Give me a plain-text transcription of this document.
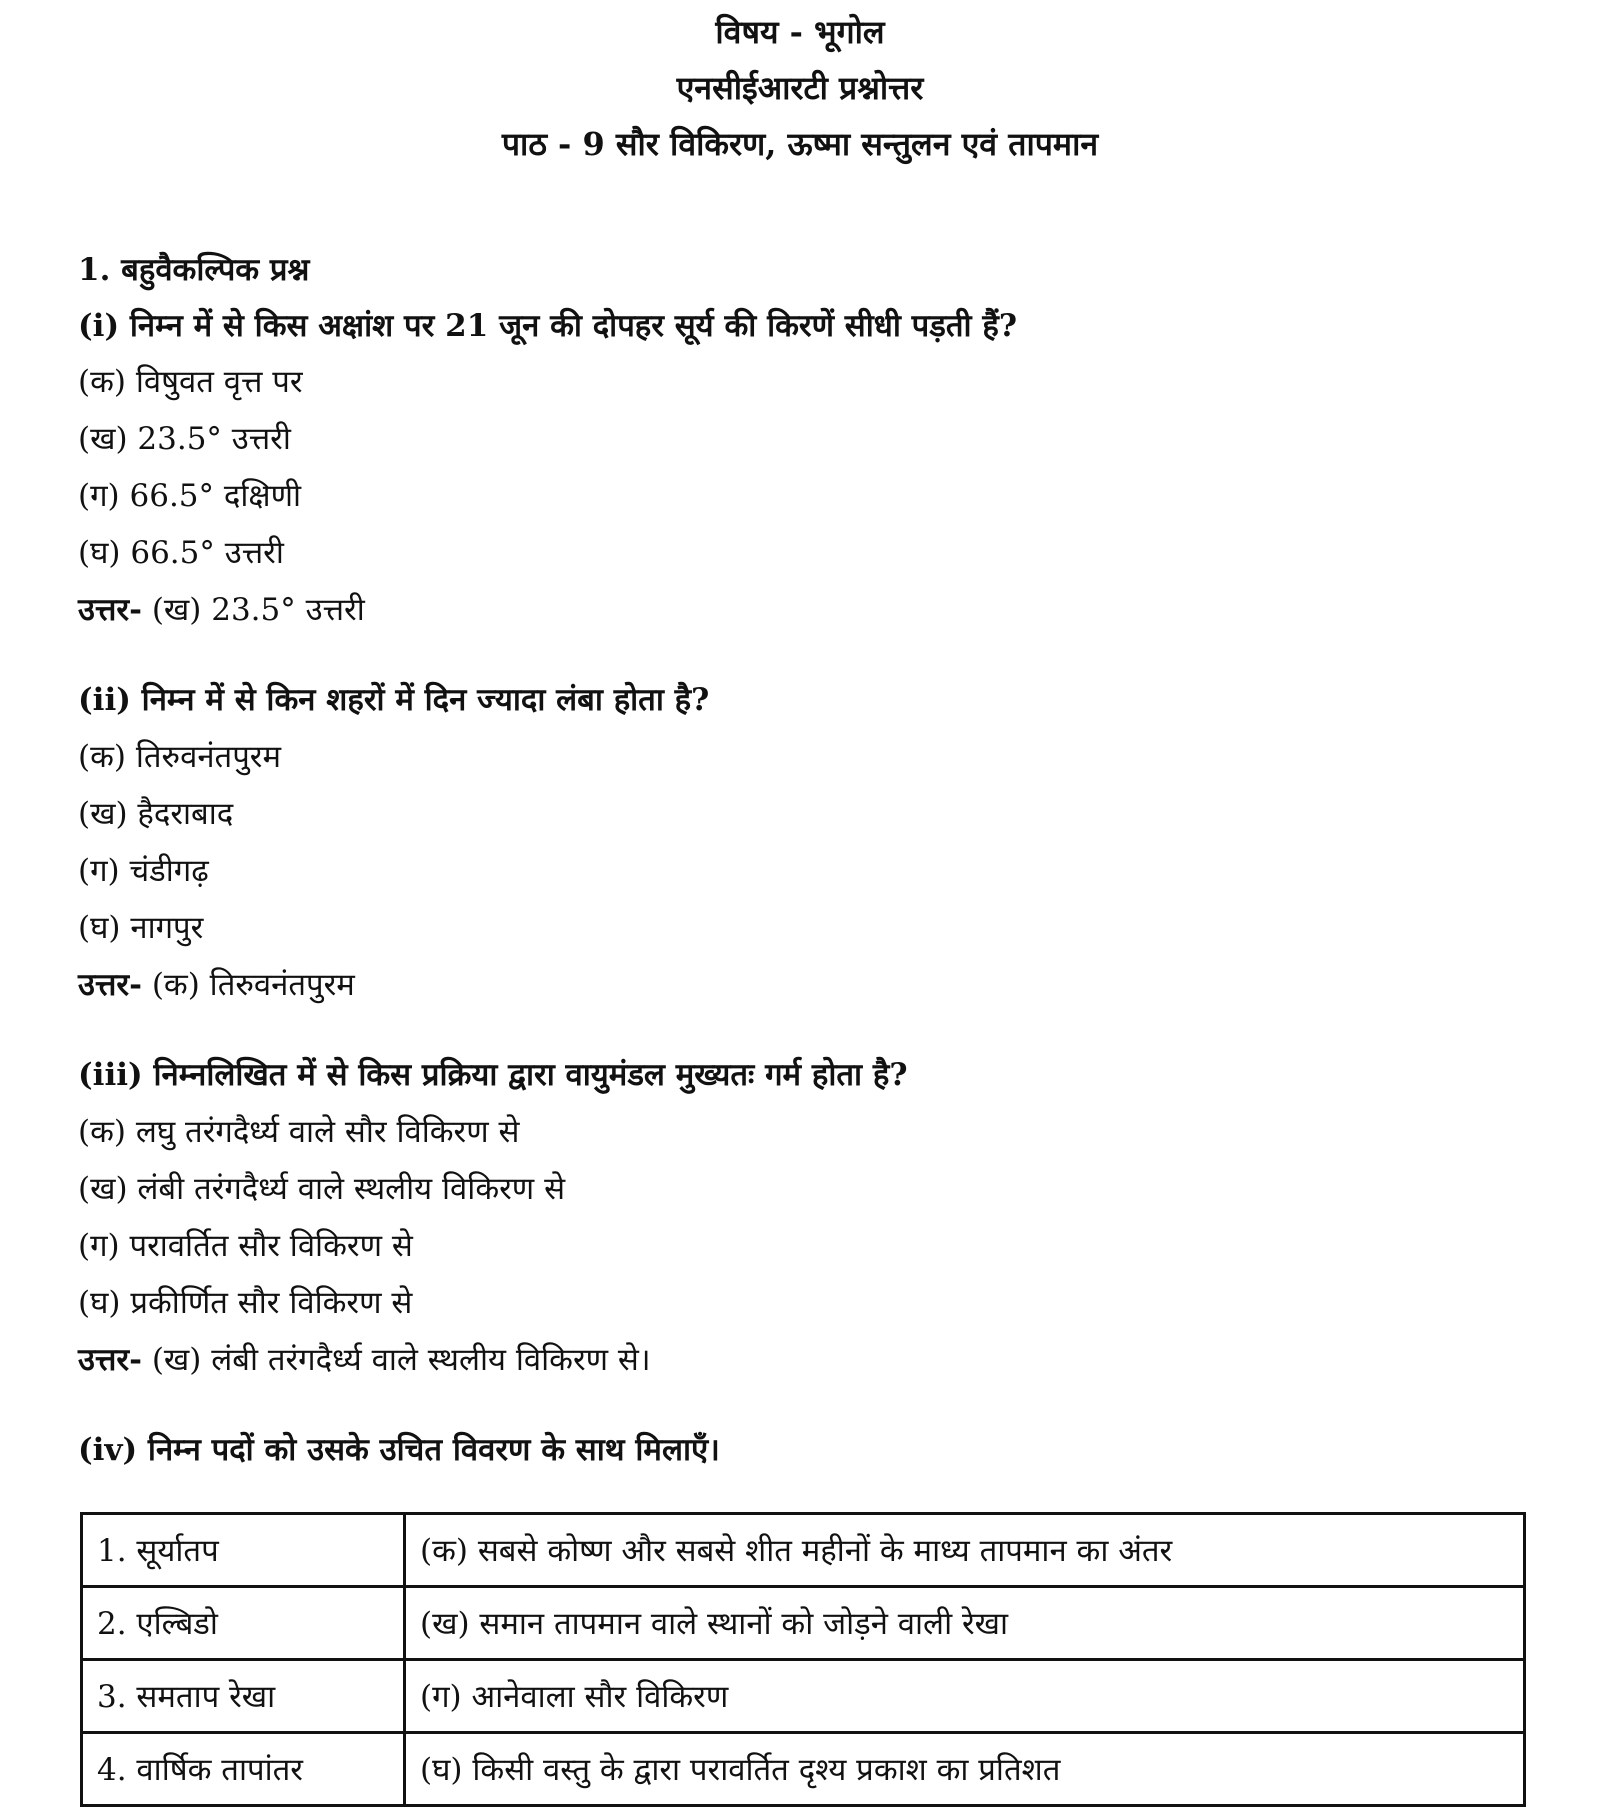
विषय - भूगोल
एनसीईआरटी प्रश्नोत्तर
पाठ - 9 सौर विकिरण, ऊष्मा सन्तुलन एवं तापमान
1. बहुवैकल्पिक प्रश्न
(i) निम्न में से किस अक्षांश पर 21 जून की दोपहर सूर्य की किरणें सीधी पड़ती हैं?
(क) विषुवत वृत्त पर
(ख) 23.5° उत्तरी
(ग) 66.5° दक्षिणी
(घ) 66.5° उत्तरी
उत्तर- (ख) 23.5° उत्तरी
(ii) निम्न में से किन शहरों में दिन ज्यादा लंबा होता है?
(क) तिरुवनंतपुरम
(ख) हैदराबाद
(ग) चंडीगढ़
(घ) नागपुर
उत्तर- (क) तिरुवनंतपुरम
(iii) निम्नलिखित में से किस प्रक्रिया द्वारा वायुमंडल मुख्यतः गर्म होता है?
(क) लघु तरंगदैर्ध्य वाले सौर विकिरण से
(ख) लंबी तरंगदैर्ध्य वाले स्थलीय विकिरण से
(ग) परावर्तित सौर विकिरण से
(घ) प्रकीर्णित सौर विकिरण से
उत्तर- (ख) लंबी तरंगदैर्ध्य वाले स्थलीय विकिरण से।
(iv) निम्न पदों को उसके उचित विवरण के साथ मिलाएँ।
1. सूर्यातप	(क) सबसे कोष्ण और सबसे शीत महीनों के माध्य तापमान का अंतर
2. एल्बिडो	(ख) समान तापमान वाले स्थानों को जोड़ने वाली रेखा
3. समताप रेखा	(ग) आनेवाला सौर विकिरण
4. वार्षिक तापांतर	(घ) किसी वस्तु के द्वारा परावर्तित दृश्य प्रकाश का प्रतिशत
